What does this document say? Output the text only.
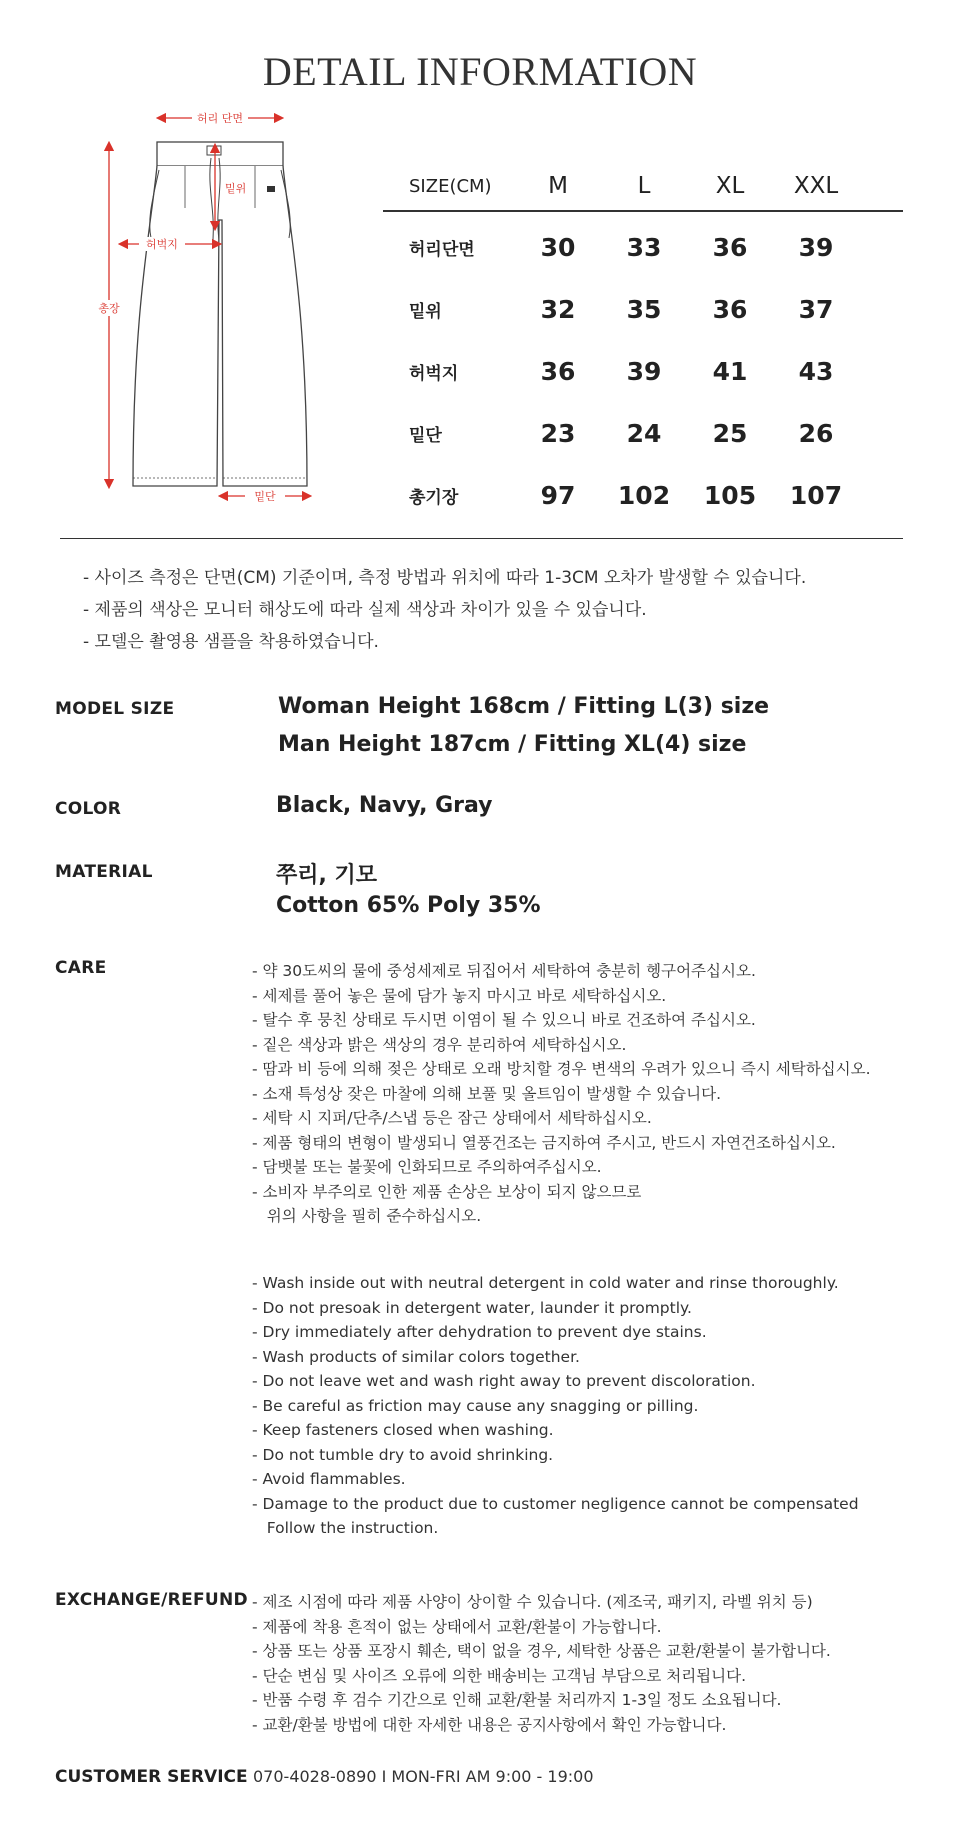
DETAIL INFORMATION
허리 단면
밑위
허벅지
총장
밑단
SIZE(CM)	M	L	XL	XXL
허리단면	30	33	36	39
밑위	32	35	36	37
허벅지	36	39	41	43
밑단	23	24	25	26
총기장	97	102	105	107
- 사이즈 측정은 단면(CM) 기준이며, 측정 방법과 위치에 따라 1-3CM 오차가 발생할 수 있습니다.
- 제품의 색상은 모니터 해상도에 따라 실제 색상과 차이가 있을 수 있습니다.
- 모델은 촬영용 샘플을 착용하였습니다.
MODEL SIZE	Woman Height 168cm / Fitting L(3) size
Man Height 187cm / Fitting XL(4) size
COLOR	Black, Navy, Gray
MATERIAL	쭈리, 기모
Cotton 65% Poly 35%
CARE	- 약 30도씨의 물에 중성세제로 뒤집어서 세탁하여 충분히 헹구어주십시오.
- 세제를 풀어 놓은 물에 담가 놓지 마시고 바로 세탁하십시오.
- 탈수 후 뭉친 상태로 두시면 이염이 될 수 있으니 바로 건조하여 주십시오.
- 짙은 색상과 밝은 색상의 경우 분리하여 세탁하십시오.
- 땀과 비 등에 의해 젖은 상태로 오래 방치할 경우 변색의 우려가 있으니 즉시 세탁하십시오.
- 소재 특성상 잦은 마찰에 의해 보풀 및 올트임이 발생할 수 있습니다.
- 세탁 시 지퍼/단추/스냅 등은 잠근 상태에서 세탁하십시오.
- 제품 형태의 변형이 발생되니 열풍건조는 금지하여 주시고, 반드시 자연건조하십시오.
- 담뱃불 또는 불꽃에 인화되므로 주의하여주십시오.
- 소비자 부주의로 인한 제품 손상은 보상이 되지 않으므로
위의 사항을 필히 준수하십시오.
- Wash inside out with neutral detergent in cold water and rinse thoroughly.
- Do not presoak in detergent water, launder it promptly.
- Dry immediately after dehydration to prevent dye stains.
- Wash products of similar colors together.
- Do not leave wet and wash right away to prevent discoloration.
- Be careful as friction may cause any snagging or pilling.
- Keep fasteners closed when washing.
- Do not tumble dry to avoid shrinking.
- Avoid flammables.
- Damage to the product due to customer negligence cannot be compensated
Follow the instruction.
EXCHANGE/REFUND - 제조 시점에 따라 제품 사양이 상이할 수 있습니다. (제조국, 패키지, 라벨 위치 등)
- 제품에 착용 흔적이 없는 상태에서 교환/환불이 가능합니다.
- 상품 또는 상품 포장시 훼손, 택이 없을 경우, 세탁한 상품은 교환/환불이 불가합니다.
- 단순 변심 및 사이즈 오류에 의한 배송비는 고객님 부담으로 처리됩니다.
- 반품 수령 후 검수 기간으로 인해 교환/환불 처리까지 1-3일 정도 소요됩니다.
- 교환/환불 방법에 대한 자세한 내용은 공지사항에서 확인 가능합니다.
CUSTOMER SERVICE 070-4028-0890 I MON-FRI AM 9:00 - 19:00
